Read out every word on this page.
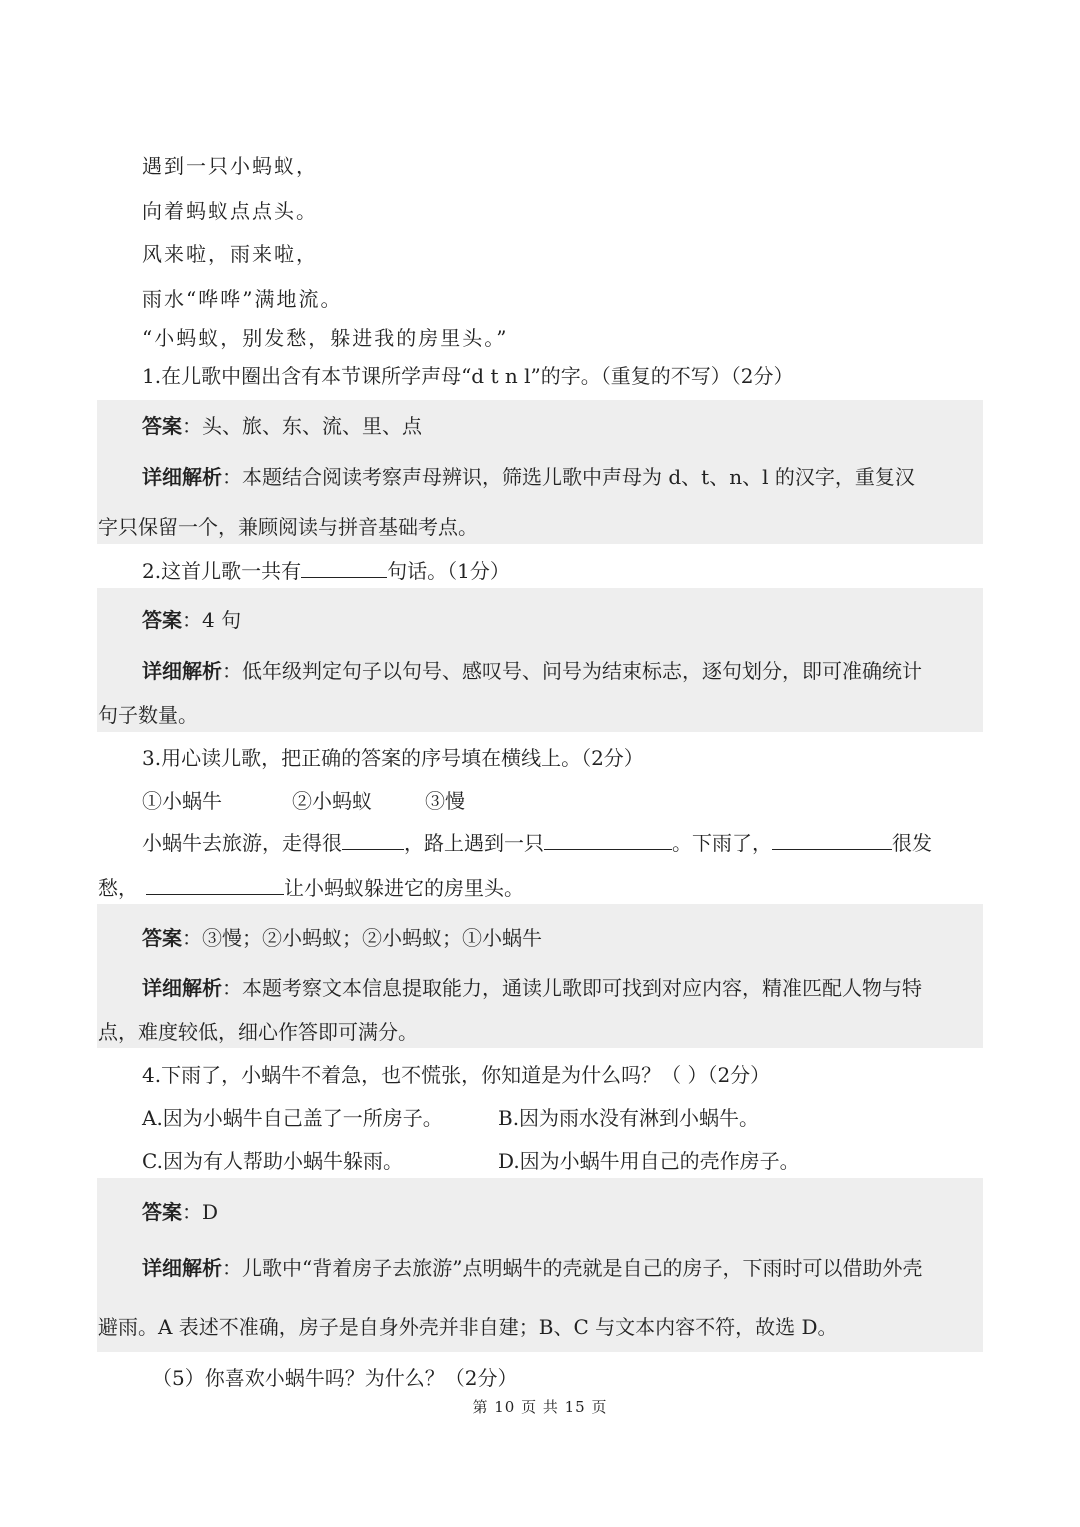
遇到一只小蚂蚁，
向着蚂蚁点点头。
风来啦，雨来啦，
雨水“哗哗”满地流。
“小蚂蚁，别发愁，躲进我的房里头。”
1.在儿歌中圈出含有本节课所学声母“d t n l”的字。（重复的不写）（2分）
答案：头、旅、东、流、里、点
详细解析：本题结合阅读考察声母辨识，筛选儿歌中声母为 d、t、n、l 的汉字，重复汉
字只保留一个，兼顾阅读与拼音基础考点。
2.这首儿歌一共有	句话。（1分）
答案：4 句
详细解析：低年级判定句子以句号、感叹号、问号为结束标志，逐句划分，即可准确统计
句子数量。
3.用心读儿歌，把正确的答案的序号填在横线上。（2分）
①小蜗牛	②小蚂蚁	③慢
小蜗牛去旅游，走得很	，路上遇到一只	。下雨了，	很发
愁，	让小蚂蚁躲进它的房里头。
答案：③慢；②小蚂蚁；②小蚂蚁；①小蜗牛
详细解析：本题考察文本信息提取能力，通读儿歌即可找到对应内容，精准匹配人物与特
点，难度较低，细心作答即可满分。
4.下雨了，小蜗牛不着急，也不慌张，你知道是为什么吗？（ ）（2分）
A.因为小蜗牛自己盖了一所房子。	B.因为雨水没有淋到小蜗牛。
C.因为有人帮助小蜗牛躲雨。	D.因为小蜗牛用自己的壳作房子。
答案：D
详细解析：儿歌中“背着房子去旅游”点明蜗牛的壳就是自己的房子，下雨时可以借助外壳
避雨。A 表述不准确，房子是自身外壳并非自建；B、C 与文本内容不符，故选 D。
（5）你喜欢小蜗牛吗？为什么？（2分）
第 10 页 共 15 页
